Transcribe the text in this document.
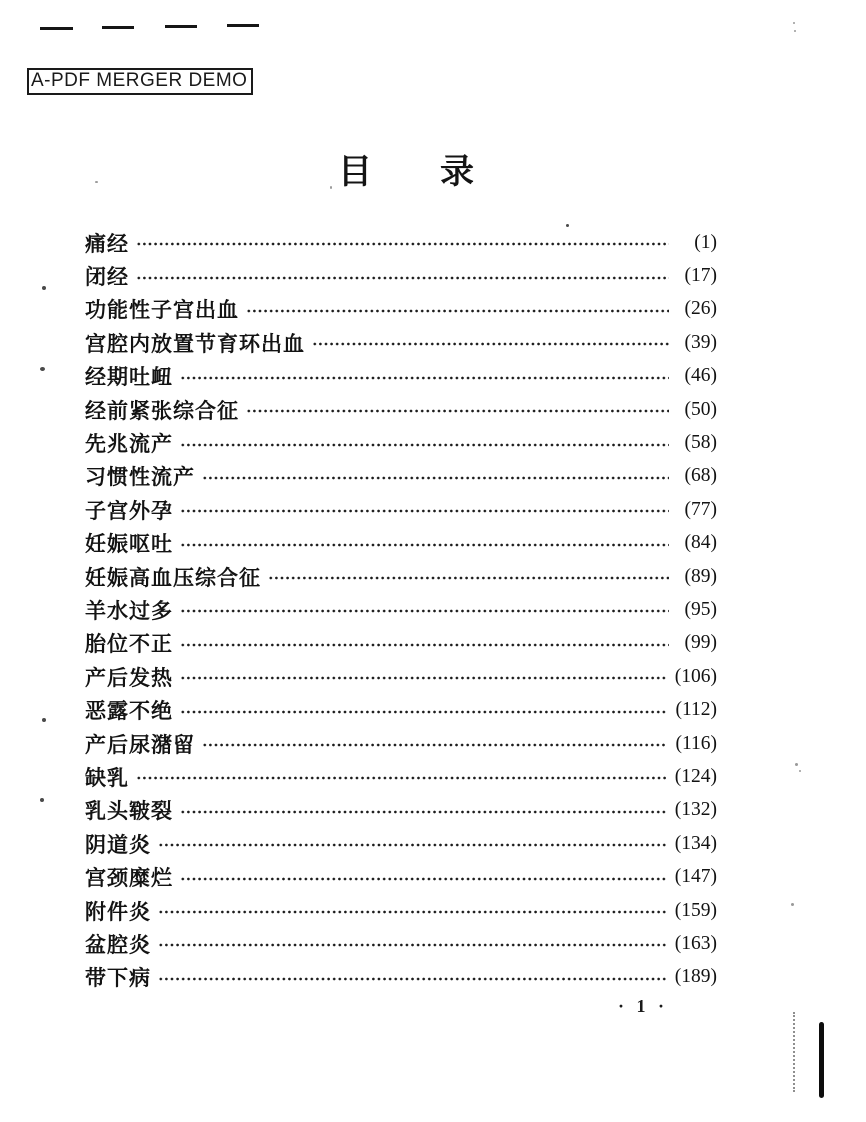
A-PDF MERGER DEMO
目　　录
痛经	(1)
闭经	(17)
功能性子宫出血	(26)
宫腔内放置节育环出血	(39)
经期吐衄	(46)
经前紧张综合征	(50)
先兆流产	(58)
习惯性流产	(68)
子宫外孕	(77)
妊娠呕吐	(84)
妊娠高血压综合征	(89)
羊水过多	(95)
胎位不正	(99)
产后发热	(106)
恶露不绝	(112)
产后尿潴留	(116)
缺乳	(124)
乳头皲裂	(132)
阴道炎	(134)
宫颈糜烂	(147)
附件炎	(159)
盆腔炎	(163)
带下病	(189)
· 1 ·
